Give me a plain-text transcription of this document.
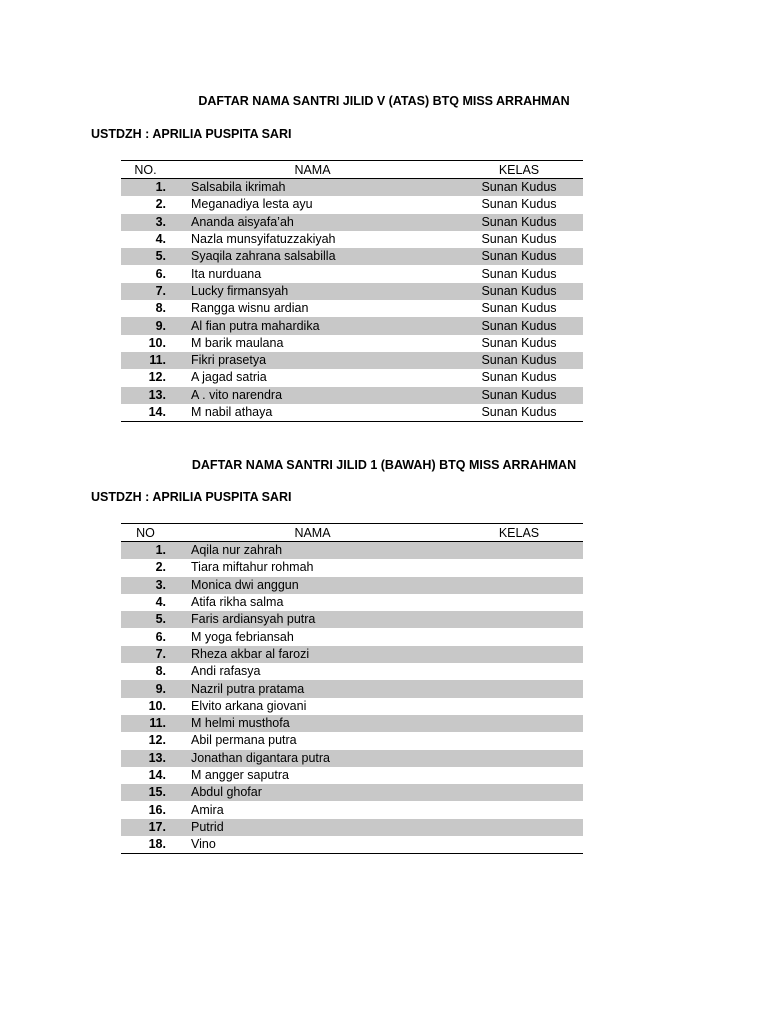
DAFTAR NAMA SANTRI JILID V (ATAS) BTQ MISS ARRAHMAN
USTDZH : APRILIA PUSPITA SARI
NO.	NAMA	KELAS
1.	Salsabila ikrimah	Sunan Kudus
2.	Meganadiya lesta ayu	Sunan Kudus
3.	Ananda aisyafa’ah	Sunan Kudus
4.	Nazla munsyifatuzzakiyah	Sunan Kudus
5.	Syaqila zahrana salsabilla	Sunan Kudus
6.	Ita nurduana	Sunan Kudus
7.	Lucky firmansyah	Sunan Kudus
8.	Rangga wisnu ardian	Sunan Kudus
9.	Al fian putra mahardika	Sunan Kudus
10.	M barik maulana	Sunan Kudus
11.	Fikri prasetya	Sunan Kudus
12.	A jagad satria	Sunan Kudus
13.	A . vito narendra	Sunan Kudus
14.	M nabil athaya	Sunan Kudus
DAFTAR NAMA SANTRI JILID 1 (BAWAH) BTQ MISS ARRAHMAN
USTDZH : APRILIA PUSPITA SARI
NO	NAMA	KELAS
1.	Aqila nur zahrah	
2.	Tiara miftahur rohmah	
3.	Monica dwi anggun	
4.	Atifa rikha salma	
5.	Faris ardiansyah putra	
6.	M yoga febriansah	
7.	Rheza akbar al farozi	
8.	Andi rafasya	
9.	Nazril putra pratama	
10.	Elvito arkana giovani	
11.	M helmi musthofa	
12.	Abil permana putra	
13.	Jonathan digantara putra	
14.	M angger saputra	
15.	Abdul ghofar	
16.	Amira	
17.	Putrid	
18.	Vino	
